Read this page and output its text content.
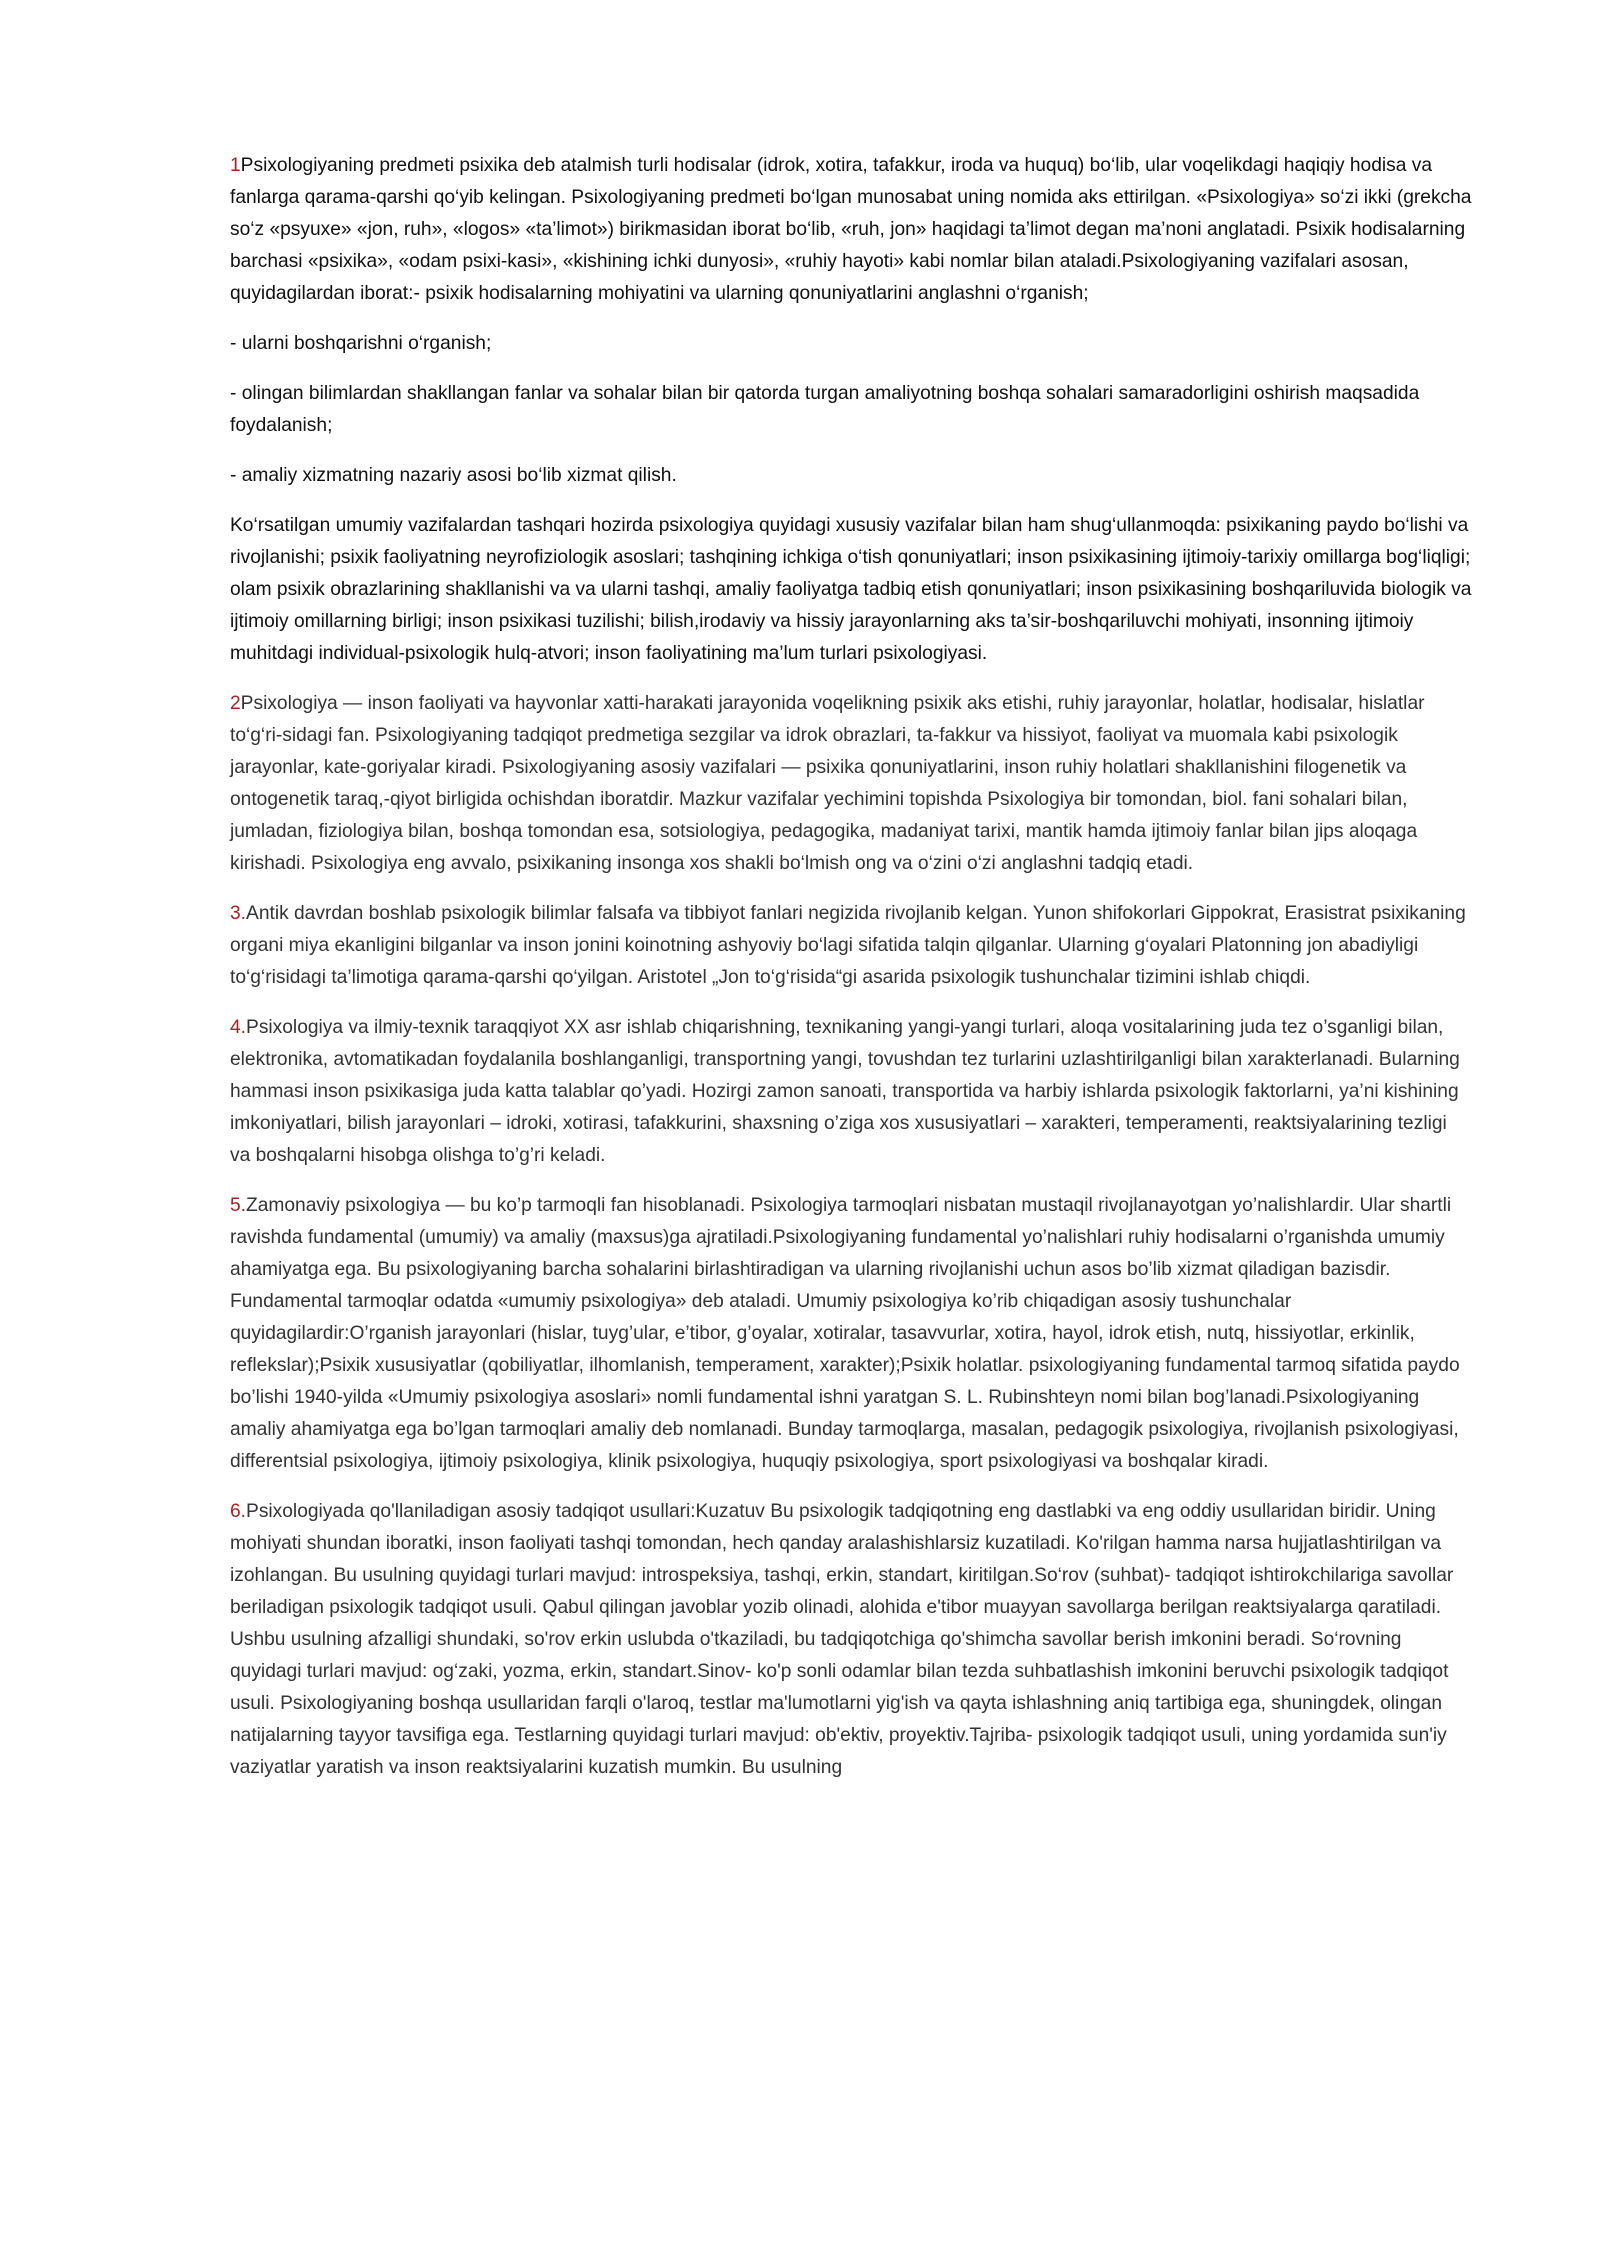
1Psixologiyaning predmeti psixika deb atalmish turli hodisalar (idrok, xotira, tafakkur, iroda va huquq) bo‘lib, ular voqelikdagi haqiqiy hodisa va fanlarga qarama-qarshi qo‘yib kelingan. Psixologiyaning predmeti bo‘lgan munosabat uning nomida aks ettirilgan. «Psixologiya» so‘zi ikki (grekcha so‘z «psyuxe» «jon, ruh», «logos» «ta’limot») birikmasidan iborat bo‘lib, «ruh, jon» haqidagi ta’limot degan ma’noni anglatadi. Psixik hodisalarning barchasi «psixika», «odam psixi-kasi», «kishining ichki dunyosi», «ruhiy hayoti» kabi nomlar bilan ataladi.Psixologiyaning vazifalari asosan, quyidagilardan iborat:- psixik hodisalarning mohiyatini va ularning qonuniyatlarini anglashni o‘rganish;

- ularni boshqarishni o‘rganish;

- olingan bilimlardan shakllangan fanlar va sohalar bilan bir qatorda turgan amaliyotning boshqa sohalari samaradorligini oshirish maqsadida foydalanish;

- amaliy xizmatning nazariy asosi bo‘lib xizmat qilish.

Ko‘rsatilgan umumiy vazifalardan tashqari hozirda psixologiya quyidagi xususiy vazifalar bilan ham shug‘ullanmoqda: psixikaning paydo bo‘lishi va rivojlanishi; psixik faoliyatning neyrofiziologik asoslari; tashqining ichkiga o‘tish qonuniyatlari; inson psixikasining ijtimoiy-tarixiy omillarga bog‘liqligi; olam psixik obrazlarining shakllanishi va va ularni tashqi, amaliy faoliyatga tadbiq etish qonuniyatlari; inson psixikasining boshqariluvida biologik va ijtimoiy omillarning birligi; inson psixikasi tuzilishi; bilish,irodaviy va hissiy jarayonlarning aks ta’sir-boshqariluvchi mohiyati, insonning ijtimoiy muhitdagi individual-psixologik hulq-atvori; inson faoliyatining ma’lum turlari psixologiyasi.

2Psixologiya — inson faoliyati va hayvonlar xatti-harakati jarayonida voqelikning psixik aks etishi, ruhiy jarayonlar, holatlar, hodisalar, hislatlar to‘g‘ri-sidagi fan. Psixologiyaning tadqiqot predmetiga sezgilar va idrok obrazlari, ta-fakkur va hissiyot, faoliyat va muomala kabi psixologik jarayonlar, kate-goriyalar kiradi. Psixologiyaning asosiy vazifalari — psixika qonuniyatlarini, inson ruhiy holatlari shakllanishini filogenetik va ontogenetik taraq,-qiyot birligida ochishdan iboratdir. Mazkur vazifalar yechimini topishda Psixologiya bir tomondan, biol. fani sohalari bilan, jumladan, fiziologiya bilan, boshqa tomondan esa, sotsiologiya, pedagogika, madaniyat tarixi, mantik hamda ijtimoiy fanlar bilan jips aloqaga kirishadi. Psixologiya eng avvalo, psixikaning insonga xos shakli bo‘lmish ong va o‘zini o‘zi anglashni tadqiq etadi.

3.Antik davrdan boshlab psixologik bilimlar falsafa va tibbiyot fanlari negizida rivojlanib kelgan. Yunon shifokorlari Gippokrat, Erasistrat psixikaning organi miya ekanligini bilganlar va inson jonini koinotning ashyoviy bo‘lagi sifatida talqin qilganlar. Ularning g‘oyalari Platonning jon abadiyligi to‘g‘risidagi ta’limotiga qarama-qarshi qo‘yilgan. Aristotel „Jon to‘g‘risida“gi asarida psixologik tushunchalar tizimini ishlab chiqdi.

4.Psixologiya va ilmiy-texnik taraqqiyot XX asr ishlab chiqarishning, texnikaning yangi-yangi turlari, aloqa vositalarining juda tez o’sganligi bilan, elektronika, avtomatikadan foydalanila boshlanganligi, transportning yangi, tovushdan tez turlarini uzlashtirilganligi bilan xarakterlanadi. Bularning hammasi inson psixikasiga juda katta talablar qo’yadi. Hozirgi zamon sanoati, transportida va harbiy ishlarda psixologik faktorlarni, ya’ni kishining imkoniyatlari, bilish jarayonlari – idroki, xotirasi, tafakkurini, shaxsning o’ziga xos xususiyatlari – xarakteri, temperamenti, reaktsiyalarining tezligi va boshqalarni hisobga olishga to’g’ri keladi.

5.Zamonaviy psixologiya — bu ko’p tarmoqli fan hisoblanadi. Psixologiya tarmoqlari nisbatan mustaqil rivojlanayotgan yo’nalishlardir. Ular shartli ravishda fundamental (umumiy) va amaliy (maxsus)ga ajratiladi.Psixologiyaning fundamental yo’nalishlari ruhiy hodisalarni o’rganishda umumiy ahamiyatga ega. Bu psixologiyaning barcha sohalarini birlashtiradigan va ularning rivojlanishi uchun asos bo’lib xizmat qiladigan bazisdir. Fundamental tarmoqlar odatda «umumiy psixologiya» deb ataladi. Umumiy psixologiya ko’rib chiqadigan asosiy tushunchalar quyidagilardir:O’rganish jarayonlari (hislar, tuyg’ular, e’tibor, g’oyalar, xotiralar, tasavvurlar, xotira, hayol, idrok etish, nutq, hissiyotlar, erkinlik, reflekslar);Psixik xususiyatlar (qobiliyatlar, ilhomlanish, temperament, xarakter);Psixik holatlar. psixologiyaning fundamental tarmoq sifatida paydo bo’lishi 1940-yilda «Umumiy psixologiya asoslari» nomli fundamental ishni yaratgan S. L. Rubinshteyn nomi bilan bog’lanadi.Psixologiyaning amaliy ahamiyatga ega bo’lgan tarmoqlari amaliy deb nomlanadi. Bunday tarmoqlarga, masalan, pedagogik psixologiya, rivojlanish psixologiyasi, differentsial psixologiya, ijtimoiy psixologiya, klinik psixologiya, huquqiy psixologiya, sport psixologiyasi va boshqalar kiradi.

6.Psixologiyada qo'llaniladigan asosiy tadqiqot usullari:Kuzatuv Bu psixologik tadqiqotning eng dastlabki va eng oddiy usullaridan biridir. Uning mohiyati shundan iboratki, inson faoliyati tashqi tomondan, hech qanday aralashishlarsiz kuzatiladi. Ko'rilgan hamma narsa hujjatlashtirilgan va izohlangan. Bu usulning quyidagi turlari mavjud: introspeksiya, tashqi, erkin, standart, kiritilgan.So‘rov (suhbat)- tadqiqot ishtirokchilariga savollar beriladigan psixologik tadqiqot usuli. Qabul qilingan javoblar yozib olinadi, alohida e'tibor muayyan savollarga berilgan reaktsiyalarga qaratiladi. Ushbu usulning afzalligi shundaki, so'rov erkin uslubda o'tkaziladi, bu tadqiqotchiga qo'shimcha savollar berish imkonini beradi. So‘rovning quyidagi turlari mavjud: og‘zaki, yozma, erkin, standart.Sinov- ko'p sonli odamlar bilan tezda suhbatlashish imkonini beruvchi psixologik tadqiqot usuli. Psixologiyaning boshqa usullaridan farqli o'laroq, testlar ma'lumotlarni yig'ish va qayta ishlashning aniq tartibiga ega, shuningdek, olingan natijalarning tayyor tavsifiga ega. Testlarning quyidagi turlari mavjud: ob'ektiv, proyektiv.Tajriba- psixologik tadqiqot usuli, uning yordamida sun'iy vaziyatlar yaratish va inson reaktsiyalarini kuzatish mumkin. Bu usulning
